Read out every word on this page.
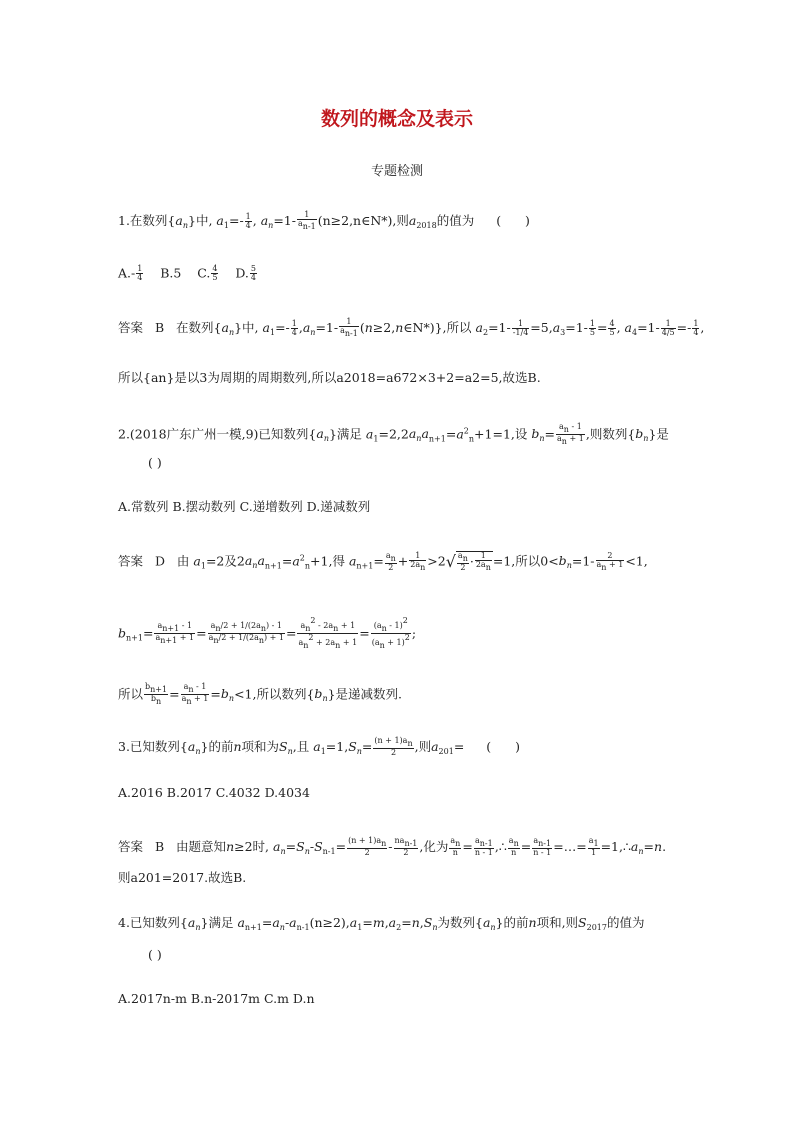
数列的概念及表示
专题检测
1.在数列$\{a_n\}$中, $a_1=- \frac{1}{4}$ , $a_n=1- \frac{1}{a_{n-1}}$ (n≥2,n∈N*),则$a_{2018}$的值为 ( )
$A.- \frac{1}{4} B.5$    C. $\frac{4}{5} D$. $\frac{5}{4}$
答案 B 在数列$\{a_n\}$中, $a_1=- \frac{1}{4} ,a_n=1- \frac{1}{a_{n-1}}$ (n≥2,n∈N*)},所以 $a_2=1- \frac{1}{-1/4} =5,a_3=1- \frac{1}{5} = \frac{4}{5}$ , $a_4=1- \frac{1}{4/5} =- \frac{1}{4}$ ,
所以{an}是以3为周期的周期数列,所以a2018=a672×3+2=a2=5,故选B.
2.(2018广东广州一模,9)已知数列$\{a_n\}$满足 $a_1=2,2a_na_{n+1}=a^2_n+1=1$,设 $b_n= \frac{a_n - 1}{a_n + 1}$ ,则数列$\{b_n\}$是
( )
A.常数列 B.摆动数列 C.递增数列 D.递减数列
答案 D 由 $a_1=2$及$2a_na_{n+1}=a^2_n+1$,得 $a_{n+1}= \frac{a_n}{2} + \frac{1}{2a_n} >2√ \frac{a_n}{2} \cdot \frac{1}{2a_n} =1$,所以$0<b_n=1- \frac{2}{a_n + 1} <1$,
$b_{n+1}= \frac{a_{n+1} - 1}{a_{n+1} + 1} = \frac{a_n/2 + 1/(2a_n) - 1}{a_n/2 + 1/(2a_n) + 1} = \frac{a_n^2 - 2a_n + 1}{a_n^2 + 2a_n + 1} = \frac{(a_n - 1)^2}{(a_n + 1)^2}$ ;
所以 $\frac{b_{n+1}}{b_n} = \frac{a_n - 1}{a_n + 1} =b_n<1$,所以数列$\{b_n\}$是递减数列.
3.已知数列$\{a_n\}$的前n项和为$S_n$,且 $a_1=1,S_n= \frac{(n + 1)a_n}{2}$ ,则$a_{201}=$ ( )
A.2016 B.2017 C.4032 D.4034
答案 B 由题意知n≥2时, $a_n=S_n-S_{n-1}= \frac{(n + 1)a_n}{2} - \frac{na_{n-1}}{2}$ ,化为 $\frac{a_n}{n} = \frac{a_{n-1}}{n - 1}$ ,∴ $\frac{a_n}{n} = \frac{a_{n-1}}{n - 1}$ =…= $\frac{a_1}{1}$ $=1,\therefore a_n=n$.
则a201=2017.故选B.
4.已知数列$\{a_n\}$满足 $a_{n+1}=a_n-a_{n-1}(n\ge 2),a_1=m,a_2=n,S_n$为数列$\{a_n\}$的前n项和,则$S_{2017}$的值为
( )
A.2017n-m B.n-2017m C.m D.n
